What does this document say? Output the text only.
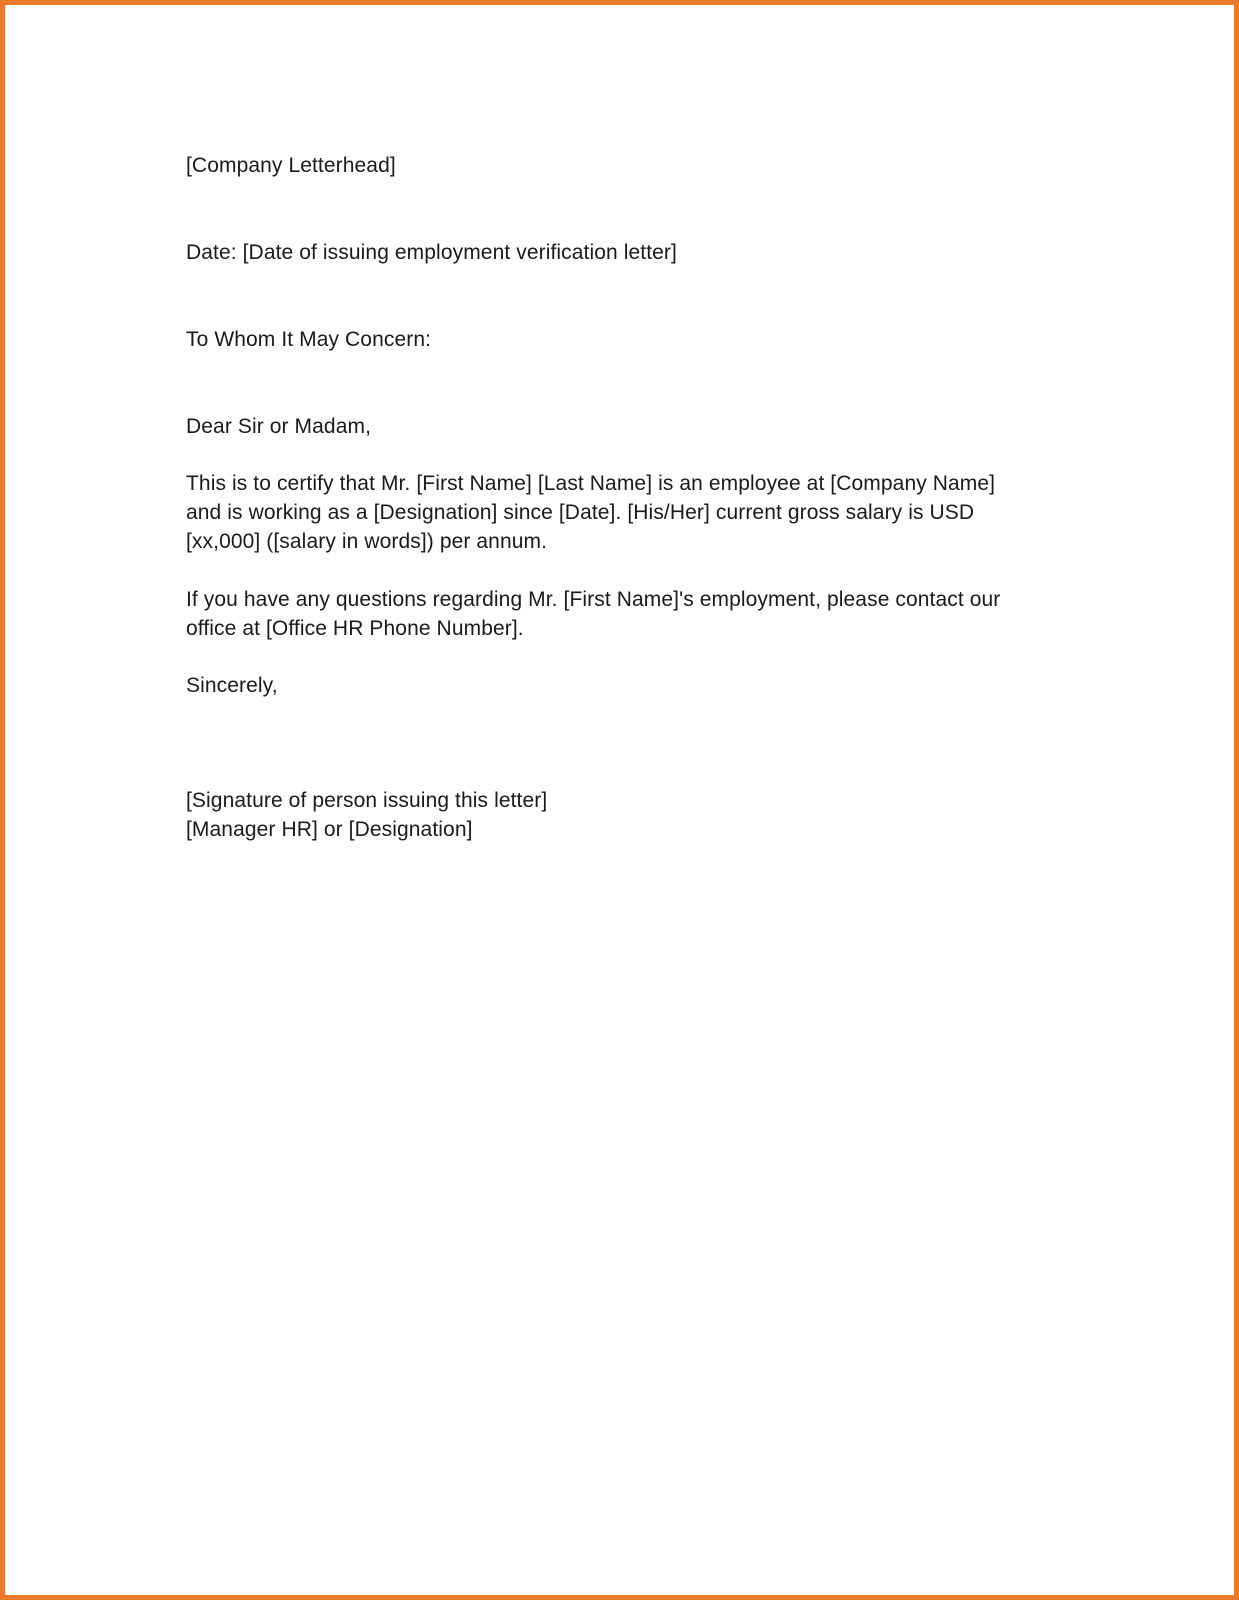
[Company Letterhead]
Date: [Date of issuing employment verification letter]
To Whom It May Concern:
Dear Sir or Madam,
This is to certify that Mr. [First Name] [Last Name] is an employee at [Company Name]
and is working as a [Designation] since [Date]. [His/Her] current gross salary is USD
[xx,000] ([salary in words]) per annum.
If you have any questions regarding Mr. [First Name]'s employment, please contact our
office at [Office HR Phone Number].
Sincerely,
[Signature of person issuing this letter]
[Manager HR] or [Designation]
